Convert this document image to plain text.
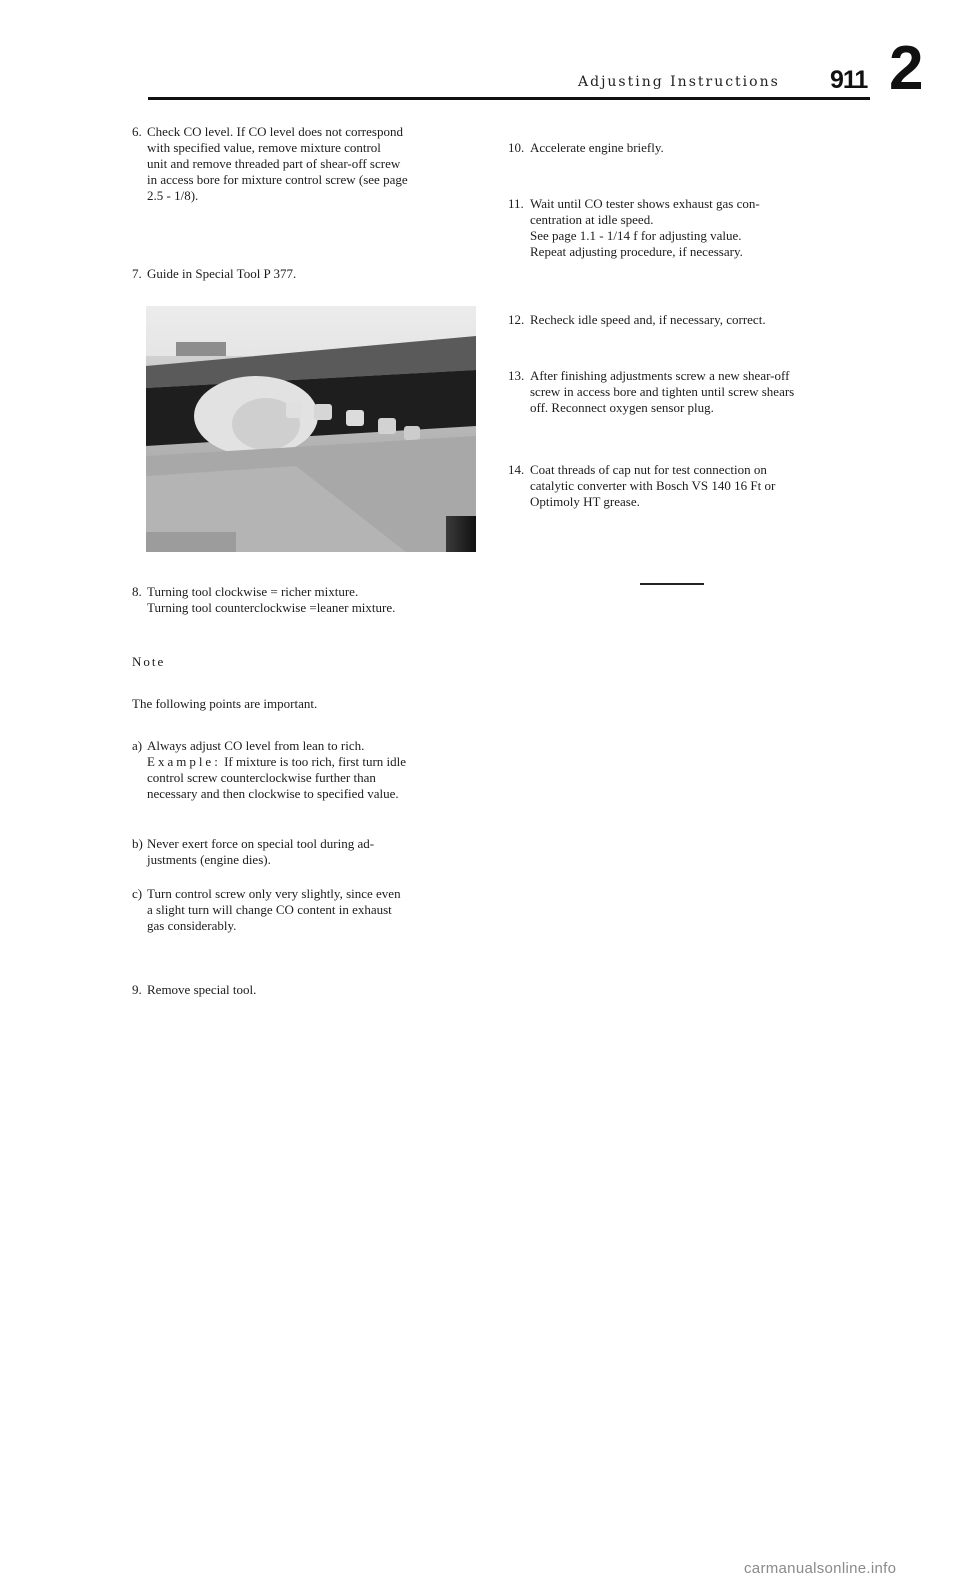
Adjusting Instructions 911 2
6. Check CO level. If CO level does not correspond

with specified value, remove mixture control

unit and remove threaded part of shear-off screw

in access bore for mixture control screw (see page

2.5 - 1/8).

7. Guide in Special Tool P 377.

8. Turning tool clockwise = richer mixture.

Turning tool counterclockwise =leaner mixture.

Note
The following points are important.
a) Always adjust CO level from lean to rich.

Example: If mixture is too rich, first turn idle

control screw counterclockwise further than

necessary and then clockwise to specified value.

b) Never exert force on special tool during ad-

justments (engine dies).

c) Turn control screw only very slightly, since even

a slight turn will change CO content in exhaust

gas considerably.

9. Remove special tool.

10. Accelerate engine briefly.

11. Wait until CO tester shows exhaust gas con-

centration at idle speed.

See page 1.1 - 1/14 f for adjusting value.

Repeat adjusting procedure, if necessary.

12. Recheck idle speed and, if necessary, correct.

13. After finishing adjustments screw a new shear-off

screw in access bore and tighten until screw shears

off. Reconnect oxygen sensor plug.

14. Coat threads of cap nut for test connection on

catalytic converter with Bosch VS 140 16 Ft or

Optimoly HT grease.

carmanualsonline.info
